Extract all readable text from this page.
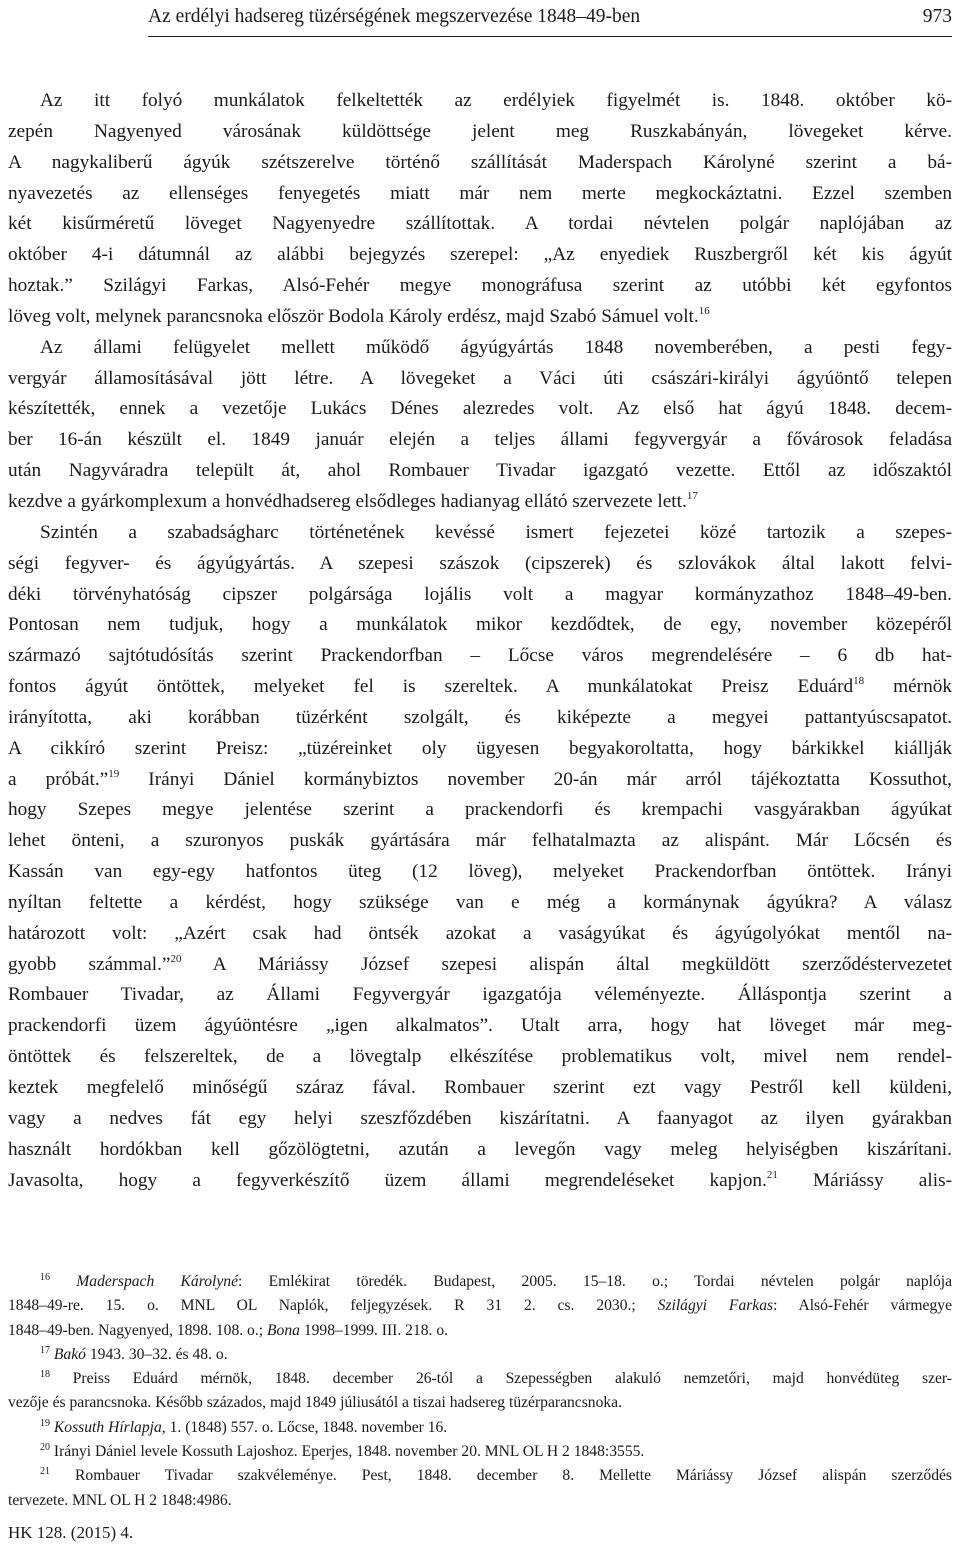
Az erdélyi hadsereg tüzérségének megszervezése 1848–49-ben	973
Az itt folyó munkálatok felkeltették az erdélyiek figyelmét is. 1848. október kö-
zepén Nagyenyed városának küldöttsége jelent meg Ruszkabányán, lövegeket kérve.
A nagykaliberű ágyúk szétszerelve történő szállítását Maderspach Károlyné szerint a bá-
nyavezetés az ellenséges fenyegetés miatt már nem merte megkockáztatni. Ezzel szemben
két kisűrméretű löveget Nagyenyedre szállítottak. A tordai névtelen polgár naplójában az
október 4-i dátumnál az alábbi bejegyzés szerepel: „Az enyediek Ruszbergről két kis ágyút
hoztak.” Szilágyi Farkas, Alsó-Fehér megye monográfusa szerint az utóbbi két egyfontos
löveg volt, melynek parancsnoka először Bodola Károly erdész, majd Szabó Sámuel volt.$^{16}$
Az állami felügyelet mellett működő ágyúgyártás 1848 novemberében, a pesti fegy-
vergyár államosításával jött létre. A lövegeket a Váci úti császári-királyi ágyúöntő telepen
készítették, ennek a vezetője Lukács Dénes alezredes volt. Az első hat ágyú 1848. decem-
ber 16-án készült el. 1849 január elején a teljes állami fegyvergyár a fővárosok feladása
után Nagyváradra települt át, ahol Rombauer Tivadar igazgató vezette. Ettől az időszaktól
kezdve a gyárkomplexum a honvédhadsereg elsődleges hadianyag ellátó szervezete lett.$^{17}$
Szintén a szabadságharc történetének kevéssé ismert fejezetei közé tartozik a szepes-
ségi fegyver- és ágyúgyártás. A szepesi szászok (cipszerek) és szlovákok által lakott felvi-
déki törvényhatóság cipszer polgársága lojális volt a magyar kormányzathoz 1848–49-ben.
Pontosan nem tudjuk, hogy a munkálatok mikor kezdődtek, de egy, november közepéről
származó sajtótudósítás szerint Prackendorfban – Lőcse város megrendelésére – 6 db hat-
fontos ágyút öntöttek, melyeket fel is szereltek. A munkálatokat Preisz Eduárd$^{18}$ mérnök
irányította, aki korábban tüzérként szolgált, és kiképezte a megyei pattantyúscsapatot.
A cikkíró szerint Preisz: „tüzéreinket oly ügyesen begyakoroltatta, hogy bárkikkel kiállják
a próbát.”$^{19}$ Irányi Dániel kormánybiztos november 20-án már arról tájékoztatta Kossuthot,
hogy Szepes megye jelentése szerint a prackendorfi és krempachi vasgyárakban ágyúkat
lehet önteni, a szuronyos puskák gyártására már felhatalmazta az alispánt. Már Lőcsén és
Kassán van egy-egy hatfontos üteg (12 löveg), melyeket Prackendorfban öntöttek. Irányi
nyíltan feltette a kérdést, hogy szüksége van e még a kormánynak ágyúkra? A válasz
határozott volt: „Azért csak had öntsék azokat a vaságyúkat és ágyúgolyókat mentől na-
gyobb számmal.”$^{20}$ A Máriássy József szepesi alispán által megküldött szerződéstervezetet
Rombauer Tivadar, az Állami Fegyvergyár igazgatója véleményezte. Álláspontja szerint a
prackendorfi üzem ágyúöntésre „igen alkalmatos”. Utalt arra, hogy hat löveget már meg-
öntöttek és felszereltek, de a lövegtalp elkészítése problematikus volt, mivel nem rendel-
keztek megfelelő minőségű száraz fával. Rombauer szerint ezt vagy Pestről kell küldeni,
vagy a nedves fát egy helyi szeszfőzdében kiszárítatni. A faanyagot az ilyen gyárakban
használt hordókban kell gőzölögtetni, azután a levegőn vagy meleg helyiségben kiszárítani.
Javasolta, hogy a fegyverkészítő üzem állami megrendeléseket kapjon.$^{21}$ Máriássy alis-
$^{16}$ Maderspach Károlyné: Emlékirat töredék. Budapest, 2005. 15–18. o.; Tordai névtelen polgár naplója
1848–49-re. 15. o. MNL OL Naplók, feljegyzések. R 31 2. cs. 2030.; Szilágyi Farkas: Alsó-Fehér vármegye
1848–49-ben. Nagyenyed, 1898. 108. o.; Bona 1998–1999. III. 218. o.
$^{17}$ Bakó 1943. 30–32. és 48. o.
$^{18}$ Preiss Eduárd mérnök, 1848. december 26-tól a Szepességben alakuló nemzetőri, majd honvédüteg szer-
vezője és parancsnoka. Később százados, majd 1849 júliusától a tiszai hadsereg tüzérparancsnoka.
$^{19}$ Kossuth Hírlapja, 1. (1848) 557. o. Lőcse, 1848. november 16.
$^{20}$ Irányi Dániel levele Kossuth Lajoshoz. Eperjes, 1848. november 20. MNL OL H 2 1848:3555.
$^{21}$ Rombauer Tivadar szakvéleménye. Pest, 1848. december 8. Mellette Máriássy József alispán szerződés
tervezete. MNL OL H 2 1848:4986.
HK 128. (2015) 4.
